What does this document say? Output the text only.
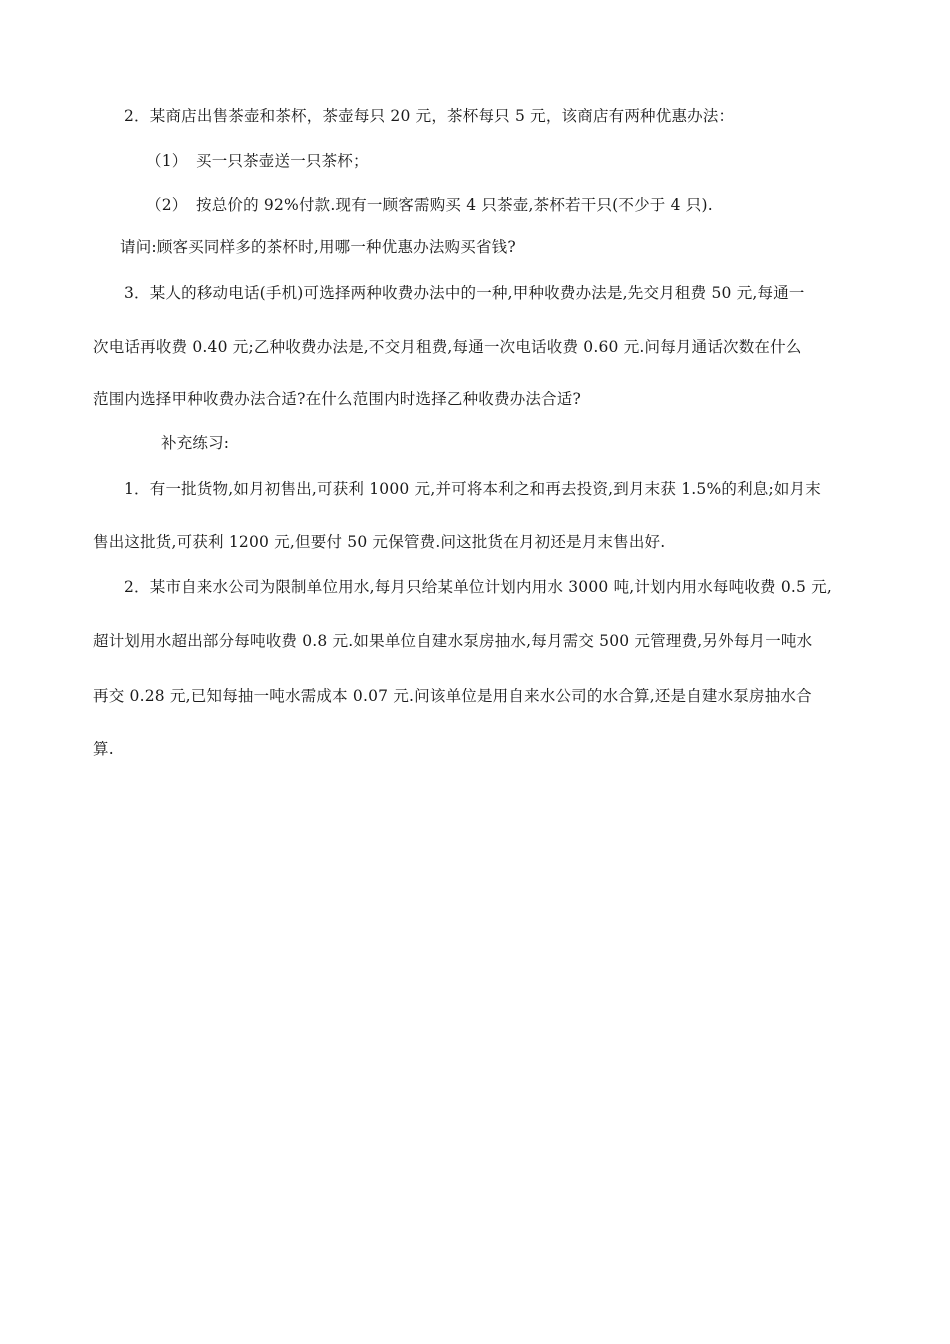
2．某商店出售茶壶和茶杯，茶壶每只 20 元，茶杯每只 5 元，该商店有两种优惠办法：
（1） 买一只茶壶送一只茶杯；
（2） 按总价的 92%付款.现有一顾客需购买 4 只茶壶,茶杯若干只(不少于 4 只).
请问:顾客买同样多的茶杯时,用哪一种优惠办法购买省钱?
3．某人的移动电话(手机)可选择两种收费办法中的一种,甲种收费办法是,先交月租费 50 元,每通一
次电话再收费 0.40 元;乙种收费办法是,不交月租费,每通一次电话收费 0.60 元.问每月通话次数在什么
范围内选择甲种收费办法合适?在什么范围内时选择乙种收费办法合适?
补充练习:
1．有一批货物,如月初售出,可获利 1000 元,并可将本利之和再去投资,到月末获 1.5%的利息;如月末
售出这批货,可获利 1200 元,但要付 50 元保管费.问这批货在月初还是月末售出好.
2．某市自来水公司为限制单位用水,每月只给某单位计划内用水 3000 吨,计划内用水每吨收费 0.5 元,
超计划用水超出部分每吨收费 0.8 元.如果单位自建水泵房抽水,每月需交 500 元管理费,另外每月一吨水
再交 0.28 元,已知每抽一吨水需成本 0.07 元.问该单位是用自来水公司的水合算,还是自建水泵房抽水合
算.
